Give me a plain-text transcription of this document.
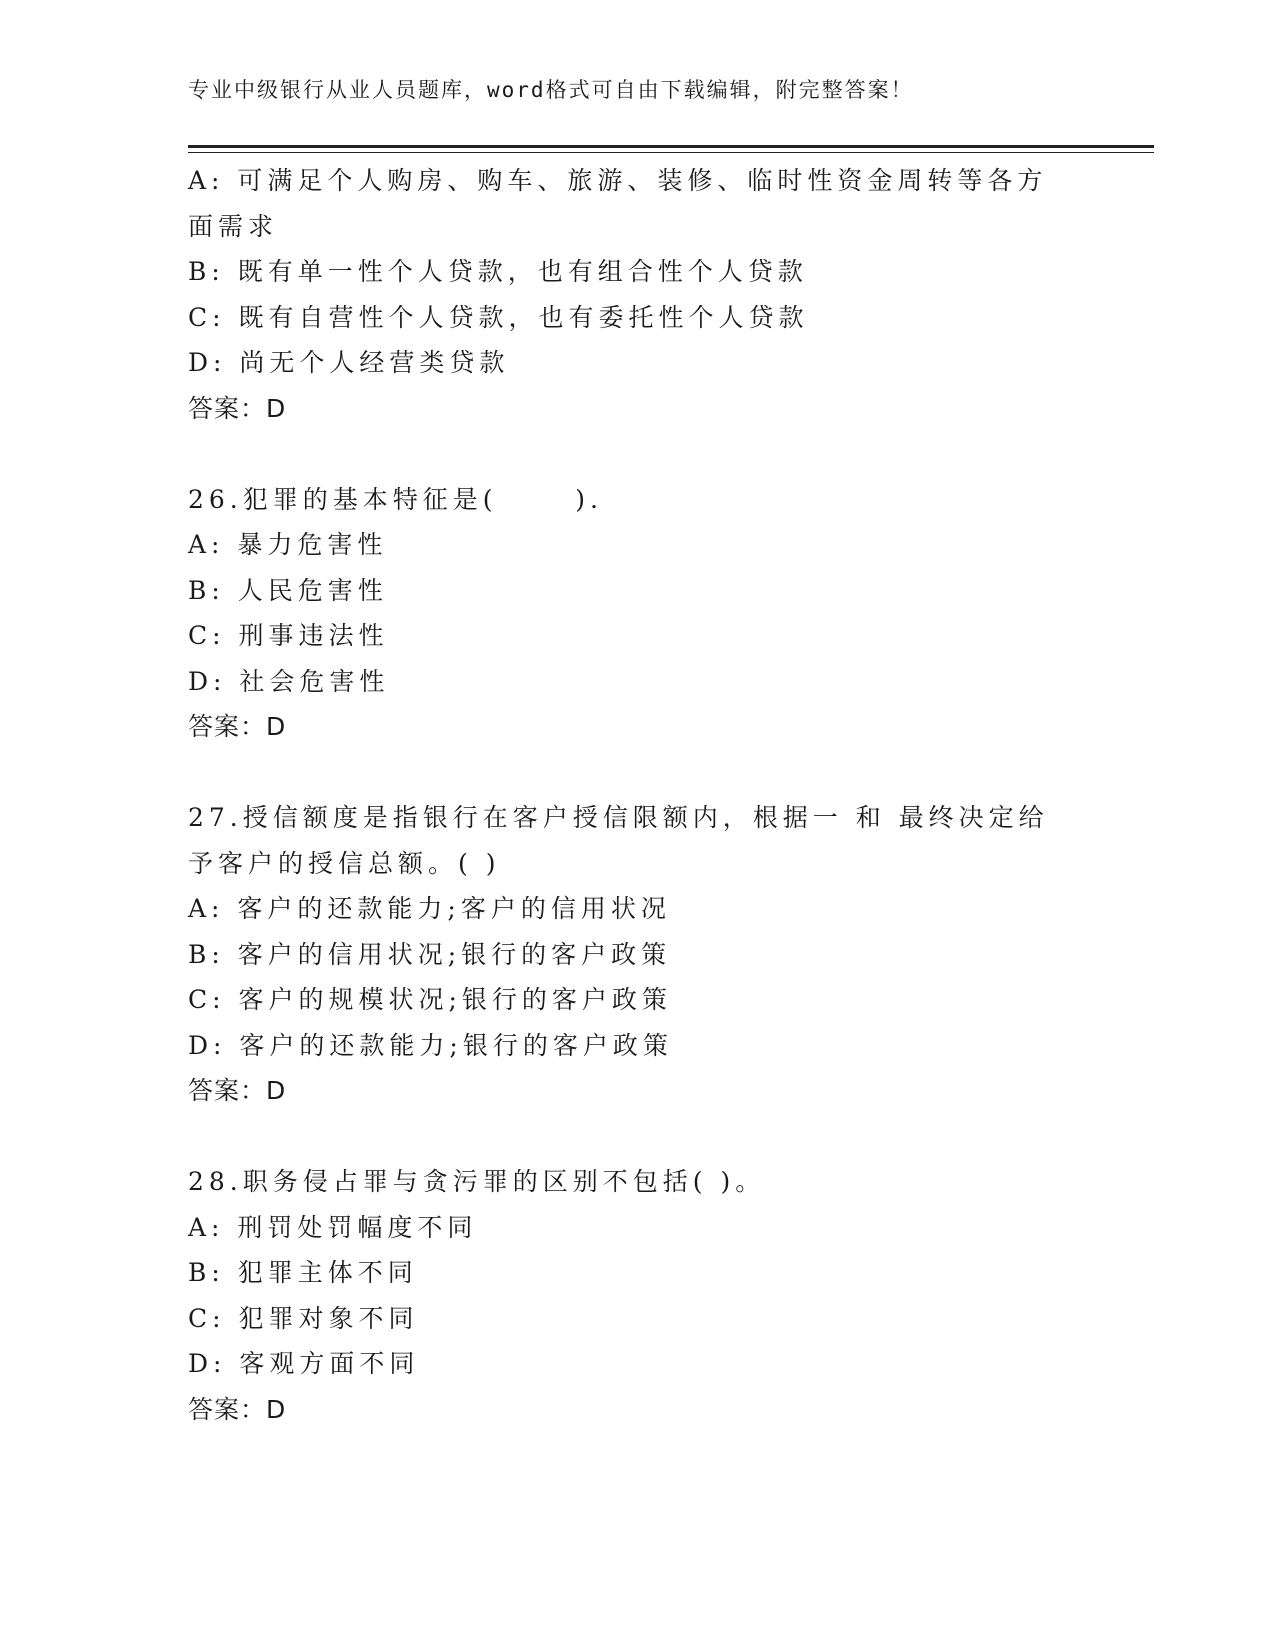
专业中级银行从业人员题库，word格式可自由下载编辑，附完整答案！
A: 可满足个人购房、购车、旅游、装修、临时性资金周转等各方面需求
B: 既有单一性个人贷款，也有组合性个人贷款
C: 既有自营性个人贷款，也有委托性个人贷款
D: 尚无个人经营类贷款
答案：D
26.犯罪的基本特征是(      ).
A: 暴力危害性
B: 人民危害性
C: 刑事违法性
D: 社会危害性
答案：D
27.授信额度是指银行在客户授信限额内，根据一 和 最终决定给予客户的授信总额。( )
A: 客户的还款能力;客户的信用状况
B: 客户的信用状况;银行的客户政策
C: 客户的规模状况;银行的客户政策
D: 客户的还款能力;银行的客户政策
答案：D
28.职务侵占罪与贪污罪的区别不包括( )。
A: 刑罚处罚幅度不同
B: 犯罪主体不同
C: 犯罪对象不同
D: 客观方面不同
答案：D
